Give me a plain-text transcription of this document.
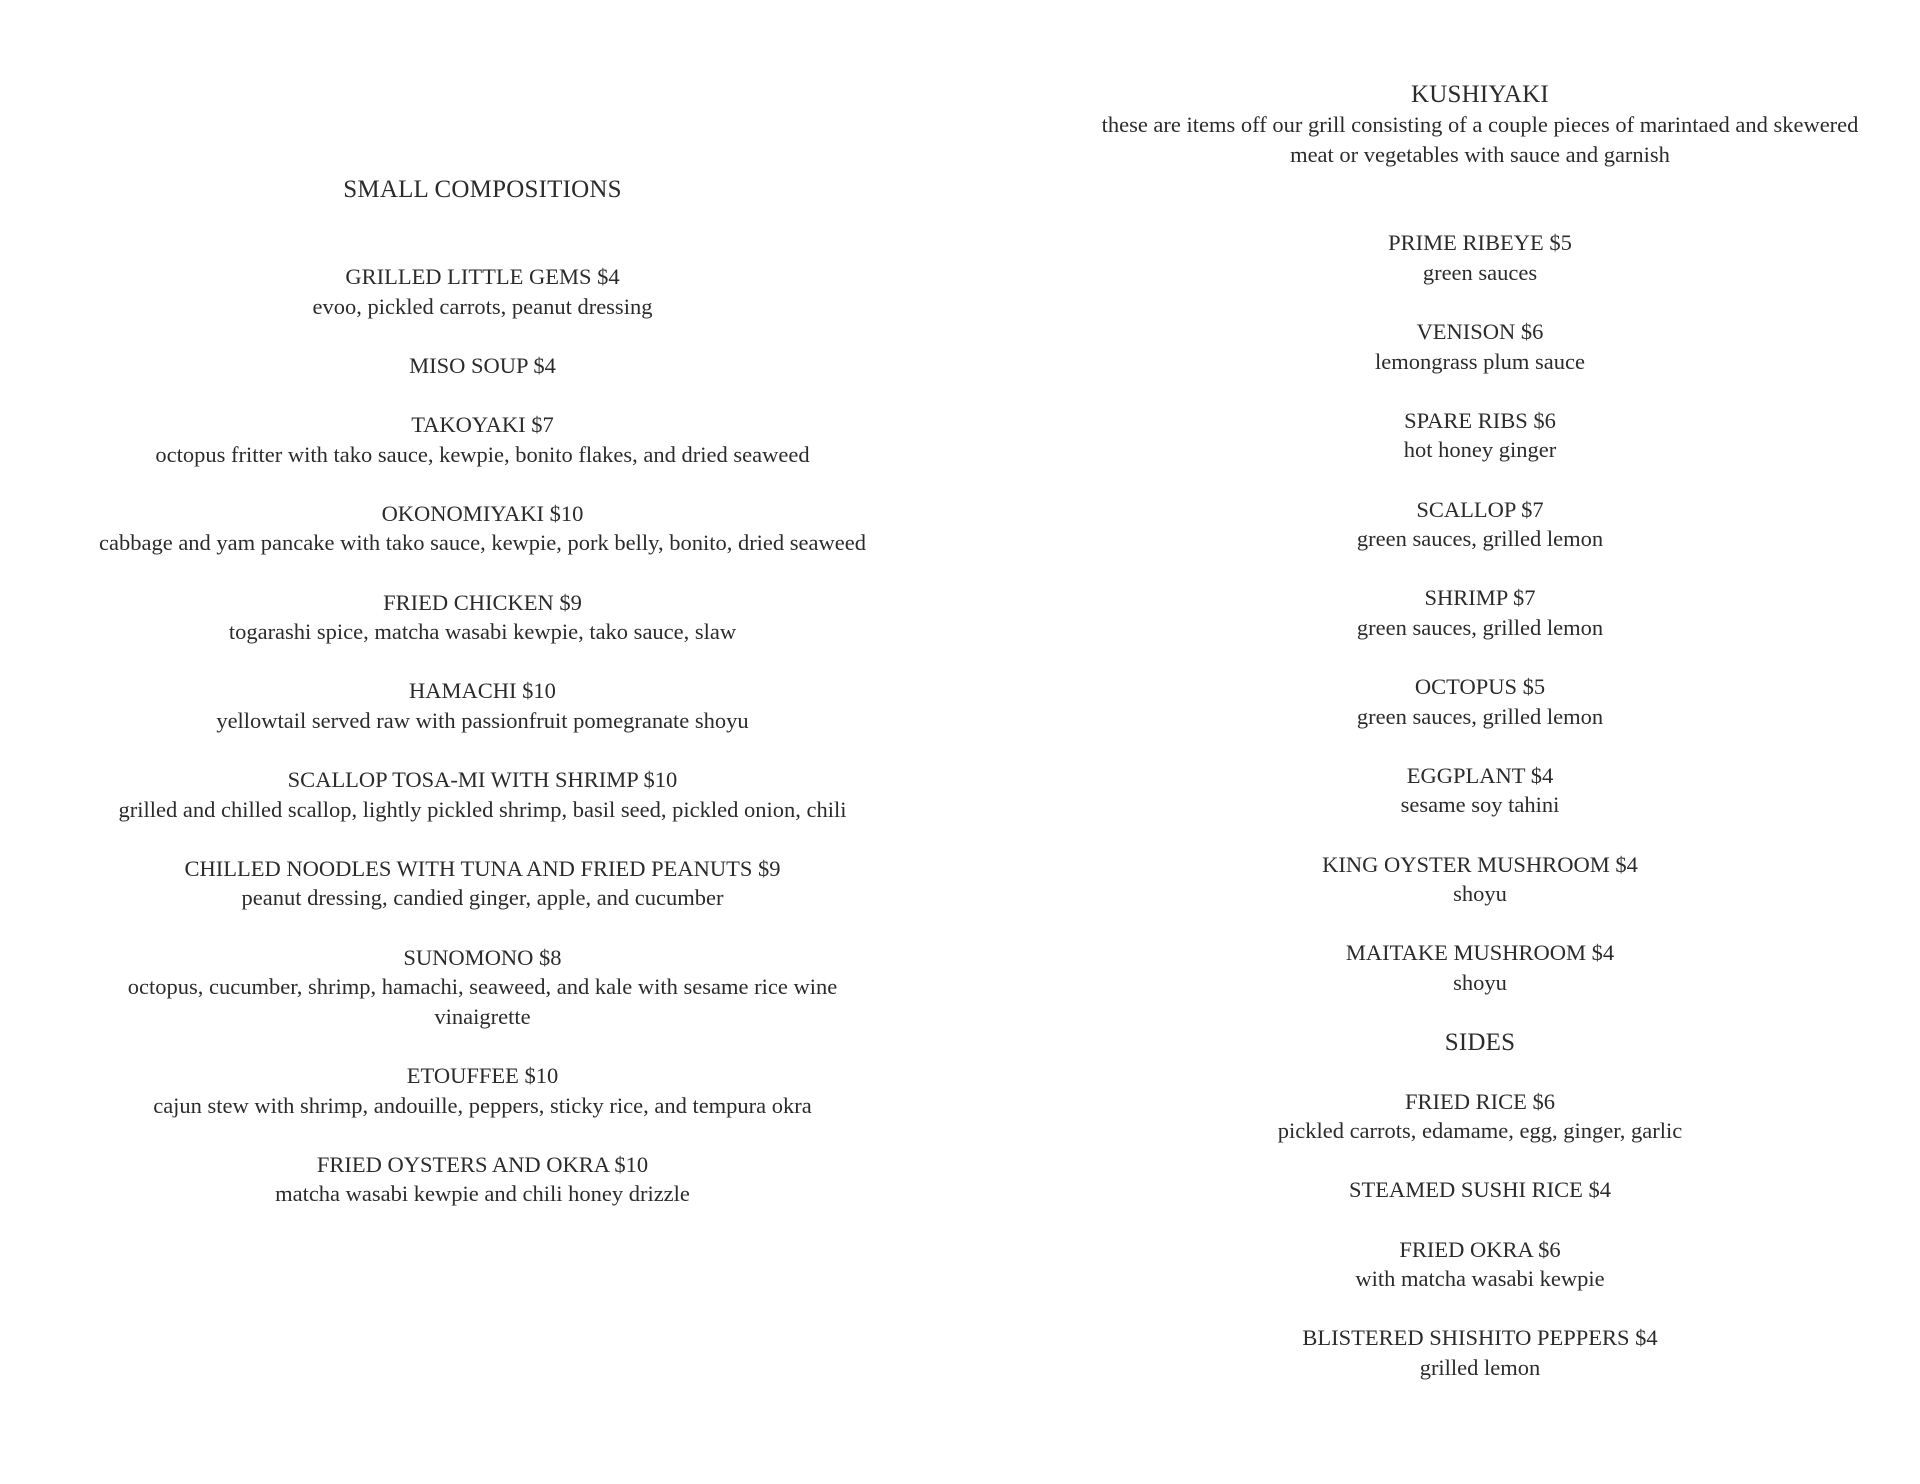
SMALL COMPOSITIONS
GRILLED LITTLE GEMS $4
evoo, pickled carrots, peanut dressing
MISO SOUP $4
TAKOYAKI $7
octopus fritter with tako sauce, kewpie, bonito flakes, and dried seaweed
OKONOMIYAKI $10
cabbage and yam pancake with tako sauce, kewpie, pork belly, bonito, dried seaweed
FRIED CHICKEN $9
togarashi spice, matcha wasabi kewpie, tako sauce, slaw
HAMACHI $10
yellowtail served raw with passionfruit pomegranate shoyu
SCALLOP TOSA-MI WITH SHRIMP $10
grilled and chilled scallop, lightly pickled shrimp, basil seed, pickled onion, chili
CHILLED NOODLES WITH TUNA AND FRIED PEANUTS $9
peanut dressing, candied ginger, apple, and cucumber
SUNOMONO $8
octopus, cucumber, shrimp, hamachi, seaweed, and kale with sesame rice wine vinaigrette
ETOUFFEE $10
cajun stew with shrimp, andouille, peppers, sticky rice, and tempura okra
FRIED OYSTERS AND OKRA $10
matcha wasabi kewpie and chili honey drizzle
KUSHIYAKI

these are items off our grill consisting of a couple pieces of marintaed and skewered meat or vegetables with sauce and garnish

PRIME RIBEYE $5
green sauces
VENISON $6
lemongrass plum sauce
SPARE RIBS $6
hot honey ginger
SCALLOP $7
green sauces, grilled lemon
SHRIMP $7
green sauces, grilled lemon
OCTOPUS $5
green sauces, grilled lemon
EGGPLANT $4
sesame soy tahini
KING OYSTER MUSHROOM $4
shoyu
MAITAKE MUSHROOM $4
shoyu
SIDES
FRIED RICE $6
pickled carrots, edamame, egg, ginger, garlic
STEAMED SUSHI RICE $4
FRIED OKRA $6
with matcha wasabi kewpie
BLISTERED SHISHITO PEPPERS $4
grilled lemon
